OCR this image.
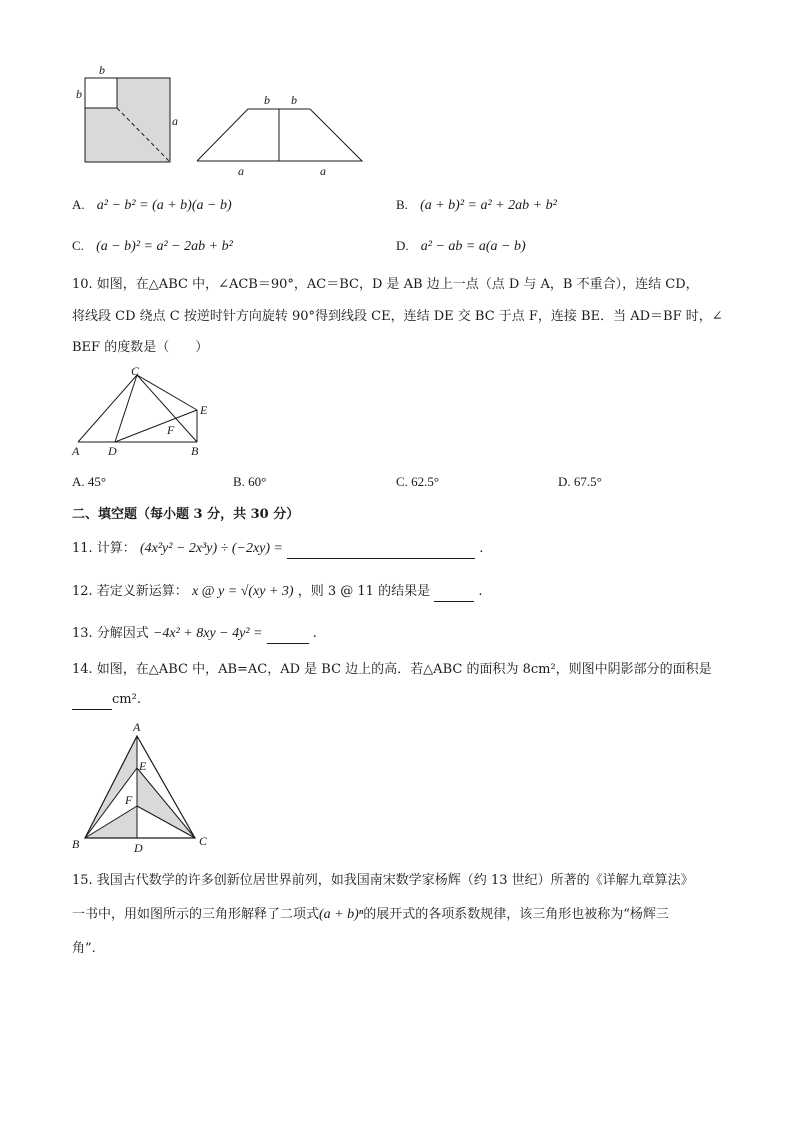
b
b
a
b b
a	a
A. a² − b² = (a + b)(a − b)	B. (a + b)² = a² + 2ab + b²
C. (a − b)² = a² − 2ab + b²	D. a² − ab = a(a − b)
10. 如图，在△ABC 中，∠ACB＝90°，AC＝BC，D 是 AB 边上一点（点 D 与 A，B 不重合），连结 CD，
将线段 CD 绕点 C 按逆时针方向旋转 90°得到线段 CE，连结 DE 交 BC 于点 F，连接 BE．当 AD＝BF 时，∠
BEF 的度数是（　　）
C
E
F
A D	B
A. 45°	B. 60°	C. 62.5°	D. 67.5°
二、填空题（每小题 3 分，共 30 分）
11. 计算： (4x²y² − 2x³y) ÷ (−2xy) =	.
12. 若定义新运算： x @ y = √(xy + 3) ，则 3 @ 11 的结果是	.
13. 分解因式 −4x² + 8xy − 4y² =	.
14. 如图，在△ABC 中，AB=AC，AD 是 BC 边上的高．若△ABC 的面积为 8cm²，则图中阴影部分的面积是
cm².
A
E
F
B	D	C
15. 我国古代数学的许多创新位居世界前列，如我国南宋数学家杨辉（约 13 世纪）所著的《详解九章算法》
一书中，用如图所示的三角形解释了二项式(a + b)ⁿ的展开式的各项系数规律，该三角形也被称为“杨辉三
角”.
